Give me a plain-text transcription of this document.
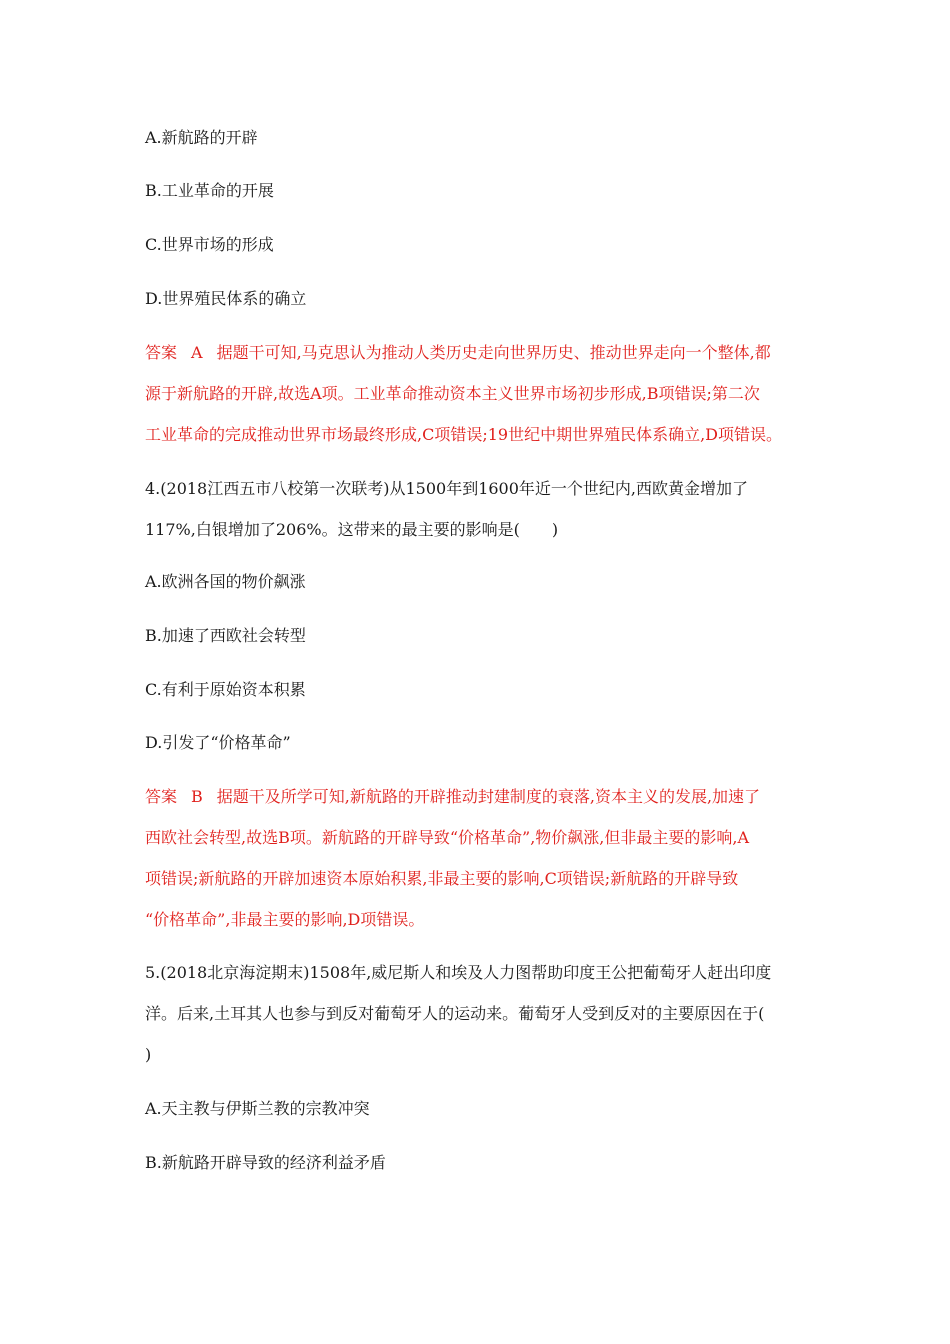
A.新航路的开辟
B.工业革命的开展
C.世界市场的形成
D.世界殖民体系的确立
答案 A 据题干可知,马克思认为推动人类历史走向世界历史、推动世界走向一个整体,都
源于新航路的开辟,故选A项。工业革命推动资本主义世界市场初步形成,B项错误;第二次
工业革命的完成推动世界市场最终形成,C项错误;19世纪中期世界殖民体系确立,D项错误。
4.(2018江西五市八校第一次联考)从1500年到1600年近一个世纪内,西欧黄金增加了
117%,白银增加了206%。这带来的最主要的影响是(　　)
A.欧洲各国的物价飙涨
B.加速了西欧社会转型
C.有利于原始资本积累
D.引发了“价格革命”
答案 B 据题干及所学可知,新航路的开辟推动封建制度的衰落,资本主义的发展,加速了
西欧社会转型,故选B项。新航路的开辟导致“价格革命”,物价飙涨,但非最主要的影响,A
项错误;新航路的开辟加速资本原始积累,非最主要的影响,C项错误;新航路的开辟导致
“价格革命”,非最主要的影响,D项错误。
5.(2018北京海淀期末)1508年,威尼斯人和埃及人力图帮助印度王公把葡萄牙人赶出印度
洋。后来,土耳其人也参与到反对葡萄牙人的运动来。葡萄牙人受到反对的主要原因在于(
)
A.天主教与伊斯兰教的宗教冲突
B.新航路开辟导致的经济利益矛盾
